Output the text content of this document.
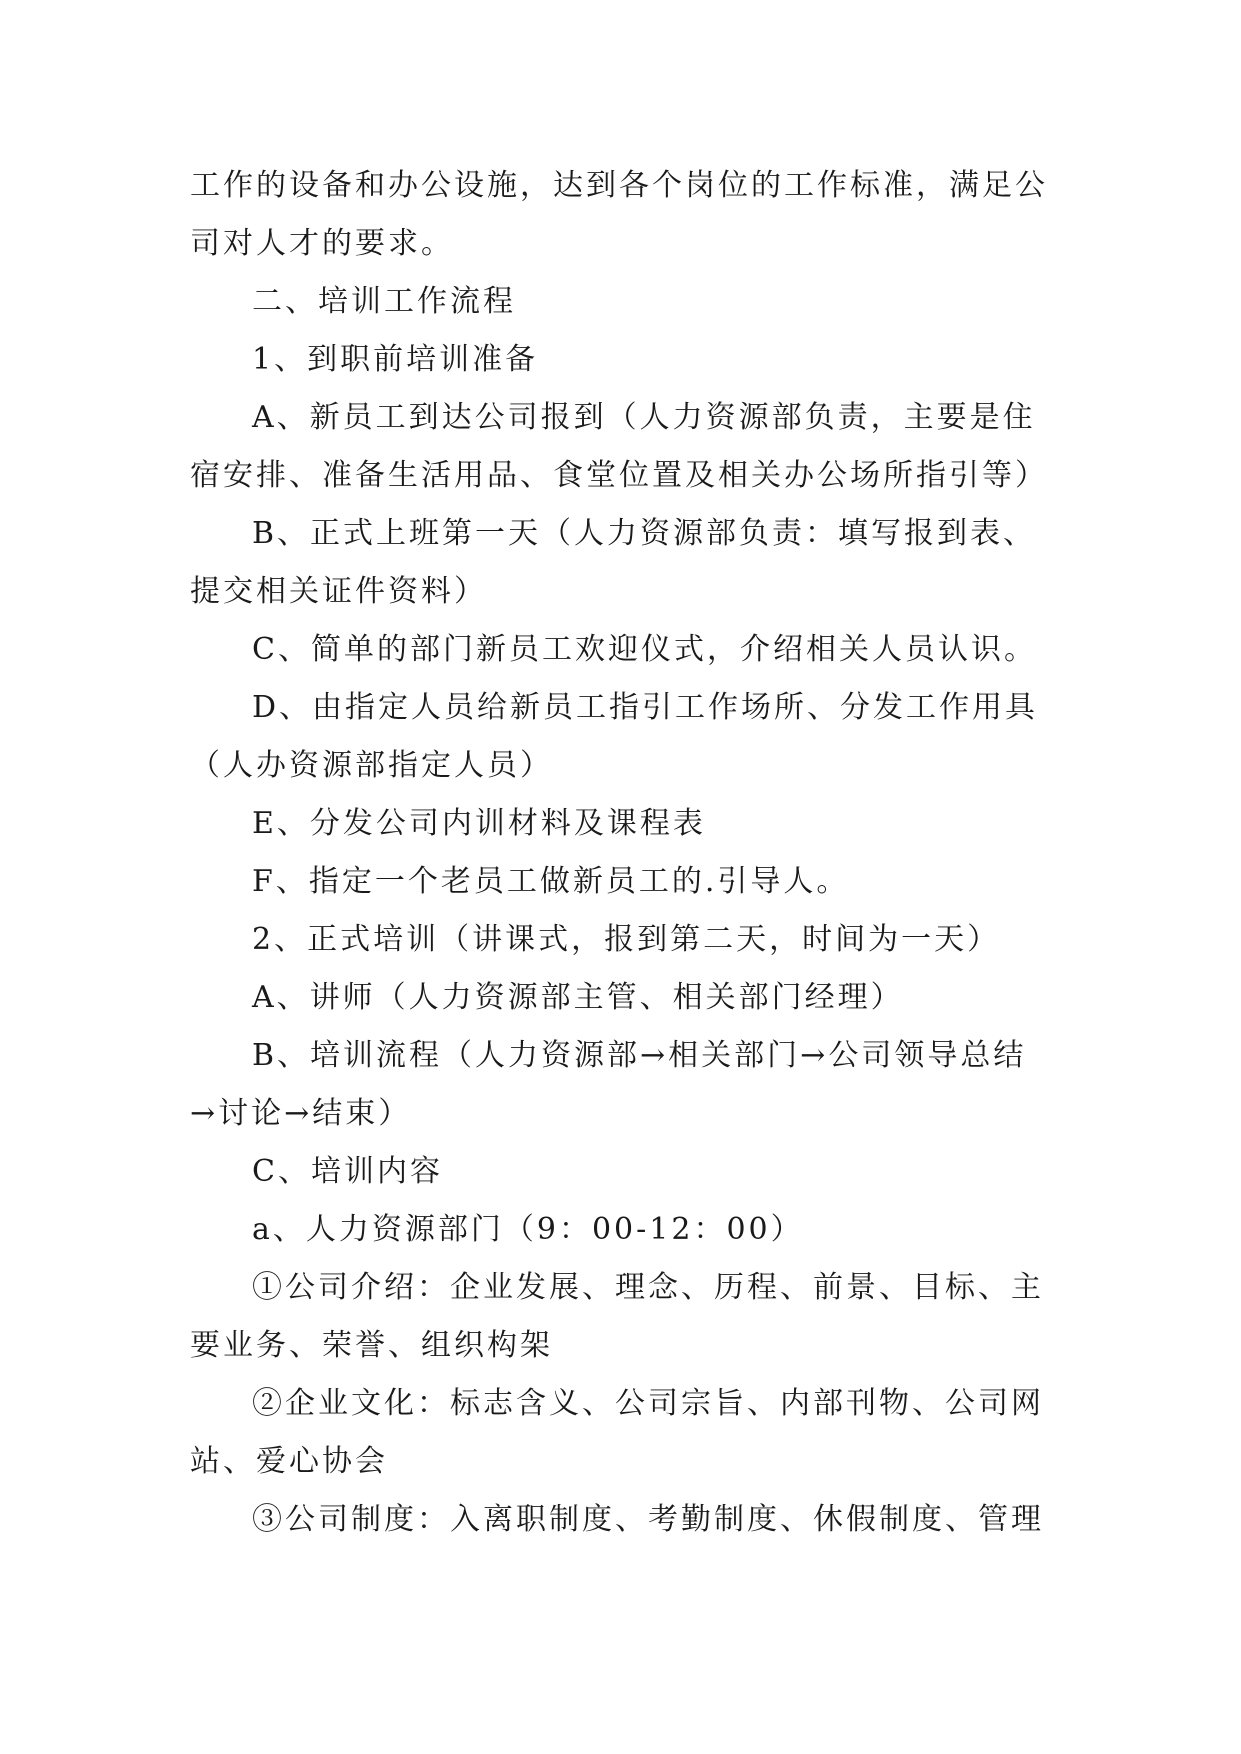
工作的设备和办公设施，达到各个岗位的工作标准，满足公
司对人才的要求。
二、培训工作流程
1、到职前培训准备
A、新员工到达公司报到（人力资源部负责，主要是住
宿安排、准备生活用品、食堂位置及相关办公场所指引等）
B、正式上班第一天（人力资源部负责：填写报到表、
提交相关证件资料）
C、简单的部门新员工欢迎仪式，介绍相关人员认识。
D、由指定人员给新员工指引工作场所、分发工作用具
（人办资源部指定人员）
E、分发公司内训材料及课程表
F、指定一个老员工做新员工的.引导人。
2、正式培训（讲课式，报到第二天，时间为一天）
A、讲师（人力资源部主管、相关部门经理）
B、培训流程（人力资源部→相关部门→公司领导总结
→讨论→结束）
C、培训内容
a、人力资源部门（9：00-12：00）
①公司介绍：企业发展、理念、历程、前景、目标、主
要业务、荣誉、组织构架
②企业文化：标志含义、公司宗旨、内部刊物、公司网
站、爱心协会
③公司制度：入离职制度、考勤制度、休假制度、管理
